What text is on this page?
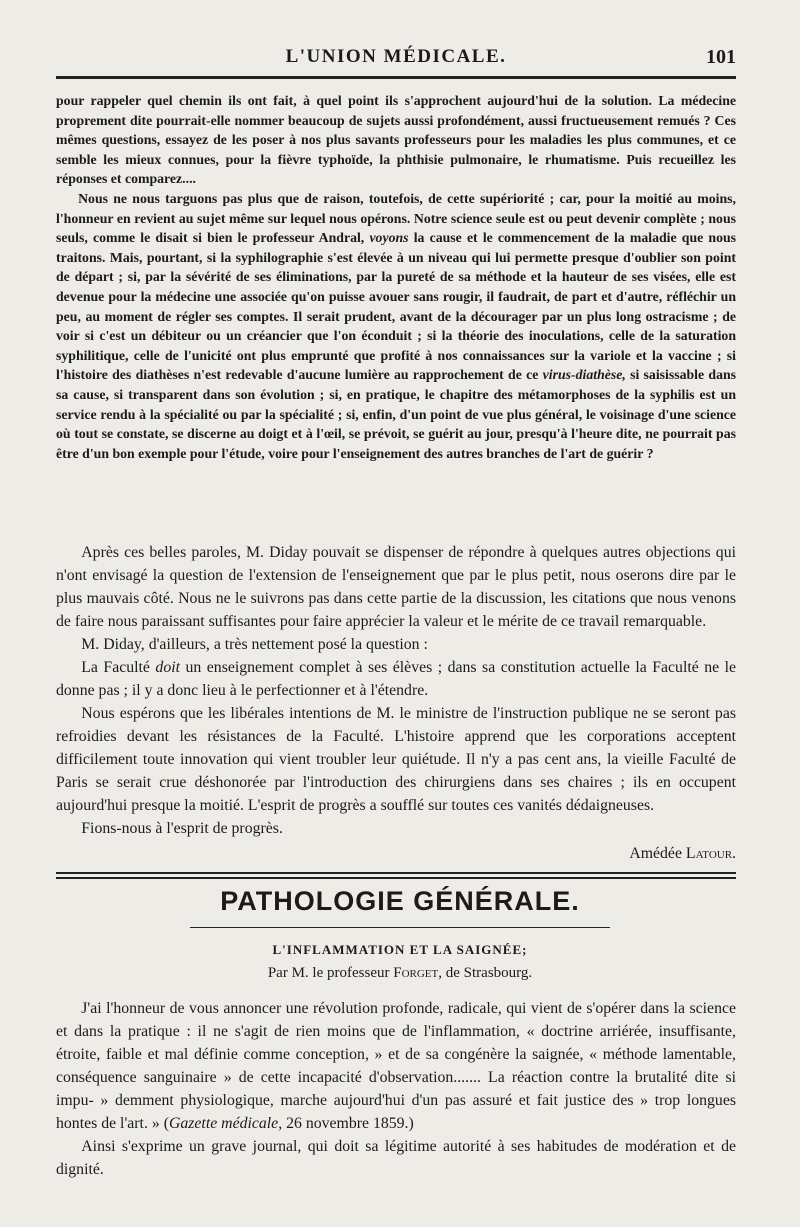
L'UNION MÉDICALE.	101

pour rappeler quel chemin ils ont fait, à quel point ils s'approchent aujourd'hui de la solution. La médecine proprement dite pourrait-elle nommer beaucoup de sujets aussi profondément, aussi fructueusement remués ? Ces mêmes questions, essayez de les poser à nos plus savants professeurs pour les maladies les plus communes, et ce semble les mieux connues, pour la fièvre typhoïde, la phthisie pulmonaire, le rhumatisme. Puis recueillez les réponses et comparez....

Nous ne nous targuons pas plus que de raison, toutefois, de cette supériorité ; car, pour la moitié au moins, l'honneur en revient au sujet même sur lequel nous opérons. Notre science seule est ou peut devenir complète ; nous seuls, comme le disait si bien le professeur Andral, voyons la cause et le commencement de la maladie que nous traitons. Mais, pourtant, si la syphilographie s'est élevée à un niveau qui lui permette presque d'oublier son point de départ ; si, par la sévérité de ses éliminations, par la pureté de sa méthode et la hauteur de ses visées, elle est devenue pour la médecine une associée qu'on puisse avouer sans rougir, il faudrait, de part et d'autre, réfléchir un peu, au moment de régler ses comptes. Il serait prudent, avant de la décourager par un plus long ostracisme ; de voir si c'est un débiteur ou un créancier que l'on éconduit ; si la théorie des inoculations, celle de la saturation syphilitique, celle de l'unicité ont plus emprunté que profité à nos connaissances sur la variole et la vaccine ; si l'histoire des diathèses n'est redevable d'aucune lumière au rapprochement de ce virus-diathèse, si saisissable dans sa cause, si transparent dans son évolution ; si, en pratique, le chapitre des métamorphoses de la syphilis est un service rendu à la spécialité ou par la spécialité ; si, enfin, d'un point de vue plus général, le voisinage d'une science où tout se constate, se discerne au doigt et à l'œil, se prévoit, se guérit au jour, presqu'à l'heure dite, ne pourrait pas être d'un bon exemple pour l'étude, voire pour l'enseignement des autres branches de l'art de guérir ?

Après ces belles paroles, M. Diday pouvait se dispenser de répondre à quelques autres objections qui n'ont envisagé la question de l'extension de l'enseignement que par le plus petit, nous oserons dire par le plus mauvais côté. Nous ne le suivrons pas dans cette partie de la discussion, les citations que nous venons de faire nous paraissant suffisantes pour faire apprécier la valeur et le mérite de ce travail remarquable.

M. Diday, d'ailleurs, a très nettement posé la question :

La Faculté doit un enseignement complet à ses élèves ; dans sa constitution actuelle la Faculté ne le donne pas ; il y a donc lieu à le perfectionner et à l'étendre.

Nous espérons que les libérales intentions de M. le ministre de l'instruction publique ne se seront pas refroidies devant les résistances de la Faculté. L'histoire apprend que les corporations acceptent difficilement toute innovation qui vient troubler leur quiétude. Il n'y a pas cent ans, la vieille Faculté de Paris se serait crue déshonorée par l'introduction des chirurgiens dans ses chaires ; ils en occupent aujourd'hui presque la moitié. L'esprit de progrès a soufflé sur toutes ces vanités dédaigneuses.

Fions-nous à l'esprit de progrès.

Amédée Latour.
PATHOLOGIE GÉNÉRALE.
L'INFLAMMATION ET LA SAIGNÉE;
Par M. le professeur Forget, de Strasbourg.

J'ai l'honneur de vous annoncer une révolution profonde, radicale, qui vient de s'opérer dans la science et dans la pratique : il ne s'agit de rien moins que de l'inflammation, « doctrine arriérée, insuffisante, étroite, faible et mal définie comme conception, » et de sa congénère la saignée, « méthode lamentable, conséquence sanguinaire » de cette incapacité d'observation....... La réaction contre la brutalité dite si impu- » demment physiologique, marche aujourd'hui d'un pas assuré et fait justice des » trop longues hontes de l'art. » (Gazette médicale, 26 novembre 1859.)

Ainsi s'exprime un grave journal, qui doit sa légitime autorité à ses habitudes de modération et de dignité.
